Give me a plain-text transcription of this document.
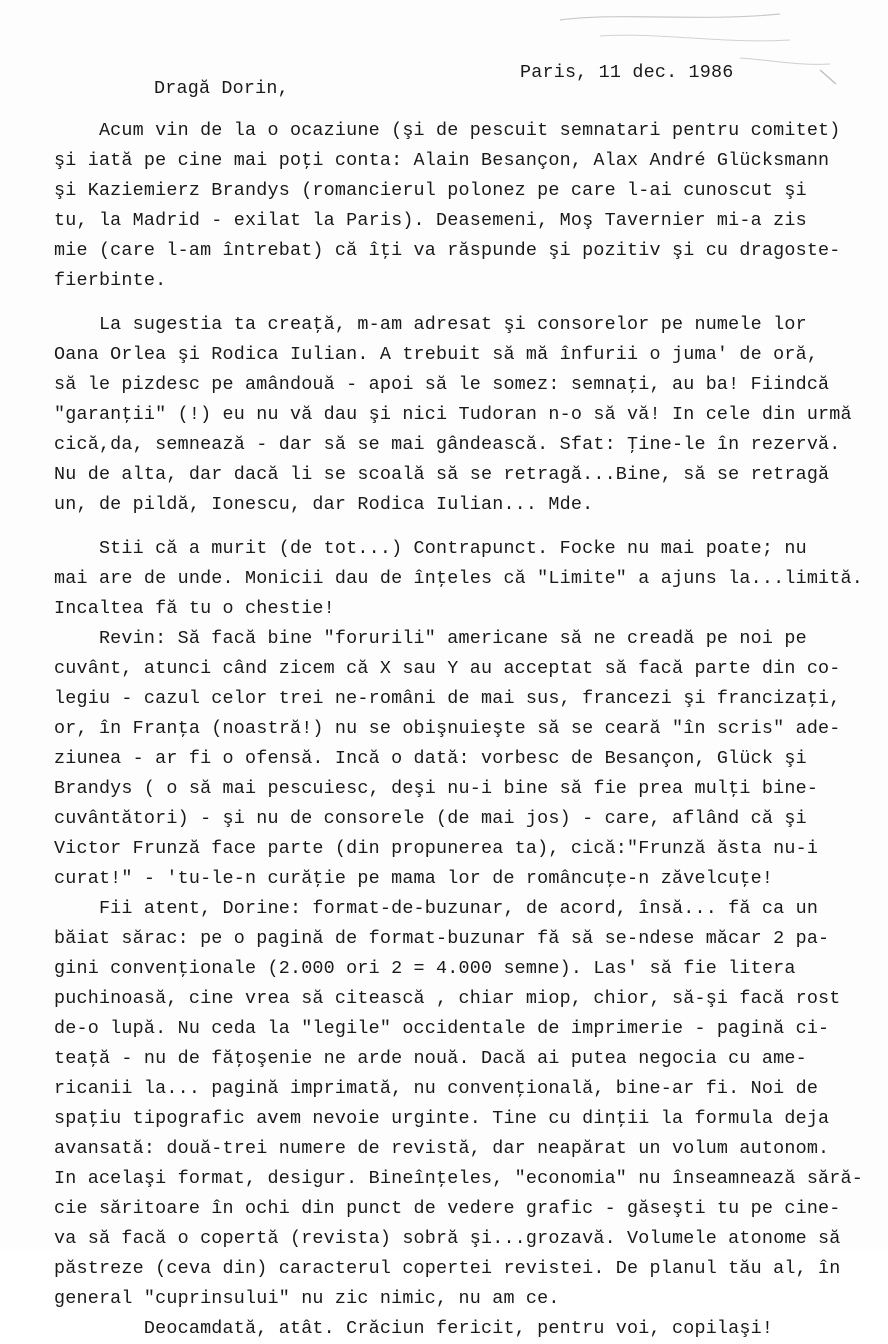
Paris, 11 dec. 1986
Dragă Dorin,
Acum vin de la o ocaziune (şi de pescuit semnatari pentru comitet)
şi iată pe cine mai poţi conta: Alain Besançon, Alax André Glücksmann
şi Kaziemierz Brandys (romancierul polonez pe care l-ai cunoscut şi
tu, la Madrid - exilat la Paris). Deasemeni, Moş Tavernier mi-a zis
mie (care l-am întrebat) că îţi va răspunde şi pozitiv şi cu dragoste-
fierbinte.
La sugestia ta creaţă, m-am adresat şi consorelor pe numele lor
Oana Orlea şi Rodica Iulian. A trebuit să mă înfurii o juma' de oră,
să le pizdesc pe amândouă - apoi să le somez: semnaţi, au ba! Fiindcă
"garanţii" (!) eu nu vă dau şi nici Tudoran n-o să vă! In cele din urmă
cică,da, semnează - dar să se mai gândească. Sfat: Ţine-le în rezervă.
Nu de alta, dar dacă li se scoală să se retragă...Bine, să se retragă
un, de pildă, Ionescu, dar Rodica Iulian... Mde.
Stii că a murit (de tot...) Contrapunct. Focke nu mai poate; nu
mai are de unde. Monicii dau de înţeles că "Limite" a ajuns la...limită.
Incaltea fă tu o chestie!
Revin: Să facă bine "forurili" americane să ne creadă pe noi pe
cuvânt, atunci când zicem că X sau Y au acceptat să facă parte din co-
legiu - cazul celor trei ne-români de mai sus, francezi şi francizaţi,
or, în Franţa (noastră!) nu se obişnuieşte să se ceară "în scris" ade-
ziunea - ar fi o ofensă. Incă o dată: vorbesc de Besançon, Glück şi
Brandys ( o să mai pescuiesc, deşi nu-i bine să fie prea mulţi bine-
cuvântători) - şi nu de consorele (de mai jos) - care, aflând că şi
Victor Frunză face parte (din propunerea ta), cică:"Frunză ăsta nu-i
curat!" - 'tu-le-n curăţie pe mama lor de româncuţe-n zăvelcuţe!
Fii atent, Dorine: format-de-buzunar, de acord, însă... fă ca un
băiat sărac: pe o pagină de format-buzunar fă să se-ndese măcar 2 pa-
gini convenţionale (2.000 ori 2 = 4.000 semne). Las' să fie litera
puchinoasă, cine vrea să citească , chiar miop, chior, să-şi facă rost
de-o lupă. Nu ceda la "legile" occidentale de imprimerie - pagină ci-
teaţă - nu de făţoşenie ne arde nouă. Dacă ai putea negocia cu ame-
ricanii la... pagină imprimată, nu convenţională, bine-ar fi. Noi de
spaţiu tipografic avem nevoie urginte. Tine cu dinţii la formula deja
avansată: două-trei numere de revistă, dar neapărat un volum autonom.
In acelaşi format, desigur. Bineînţeles, "economia" nu înseamnează sără-
cie săritoare în ochi din punct de vedere grafic - găseşti tu pe cine-
va să facă o copertă (revista) sobră şi...grozavă. Volumele atonome să
păstreze (ceva din) caracterul copertei revistei. De planul tău al, în
general "cuprinsului" nu zic nimic, nu am ce.
Deocamdată, atât. Crăciun fericit, pentru voi, copilaşi!
